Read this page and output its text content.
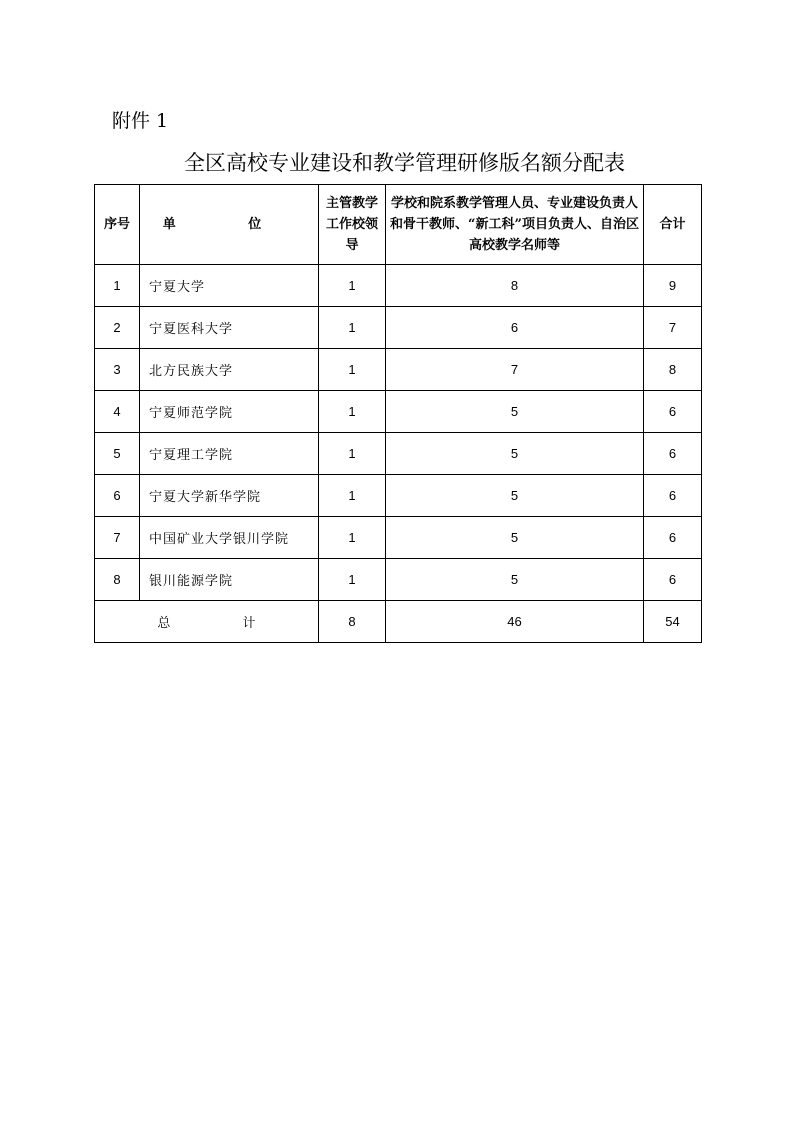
附件 1
全区高校专业建设和教学管理研修版名额分配表
序号	单 位	主管教学工作校领导	学校和院系教学管理人员、专业建设负责人和骨干教师、“新工科”项目负责人、自治区高校教学名师等	合计
1	宁夏大学	1	8	9
2	宁夏医科大学	1	6	7
3	北方民族大学	1	7	8
4	宁夏师范学院	1	5	6
5	宁夏理工学院	1	5	6
6	宁夏大学新华学院	1	5	6
7	中国矿业大学银川学院	1	5	6
8	银川能源学院	1	5	6
总 计		8	46	54
